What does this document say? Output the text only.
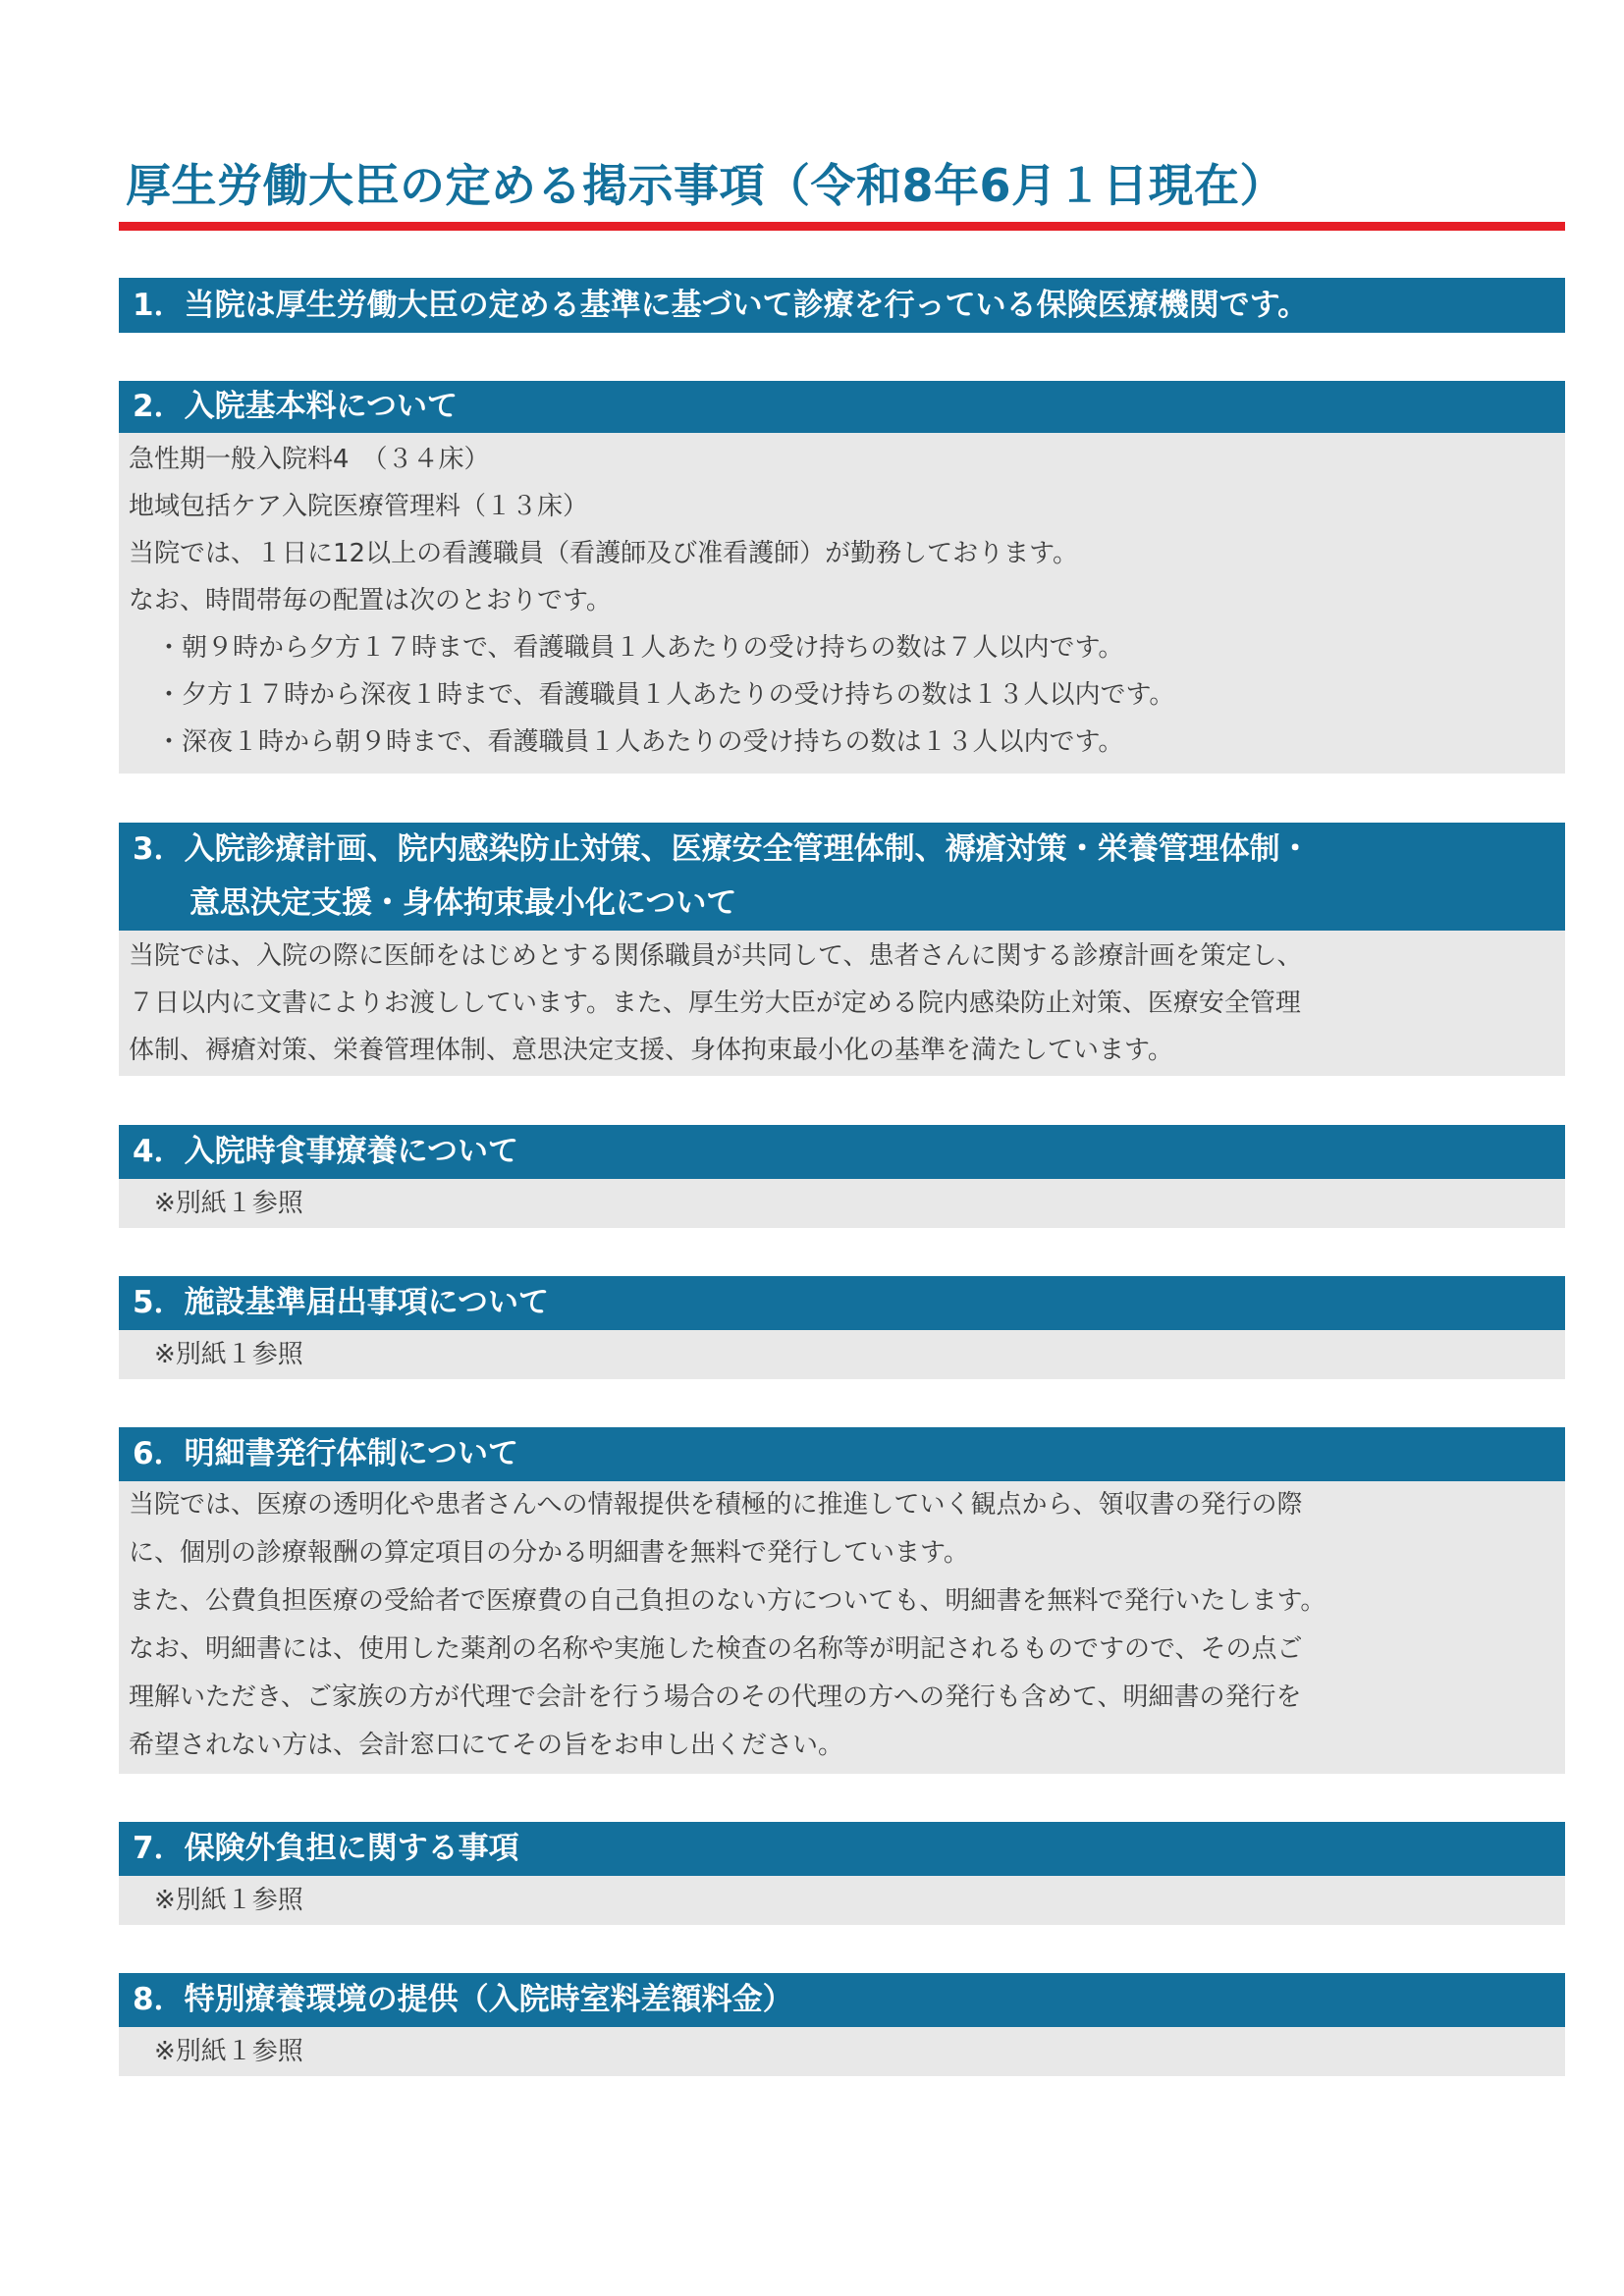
厚生労働大臣の定める掲示事項（令和8年6月１日現在）
1．当院は厚生労働大臣の定める基準に基づいて診療を行っている保険医療機関です。
2．入院基本料について
急性期一般入院料4　（３４床）
地域包括ケア入院医療管理料（１３床）
当院では、１日に12以上の看護職員（看護師及び准看護師）が勤務しております。
なお、時間帯毎の配置は次のとおりです。
・朝９時から夕方１７時まで、看護職員１人あたりの受け持ちの数は７人以内です。
・夕方１７時から深夜１時まで、看護職員１人あたりの受け持ちの数は１３人以内です。
・深夜１時から朝９時まで、看護職員１人あたりの受け持ちの数は１３人以内です。
3．入院診療計画、院内感染防止対策、医療安全管理体制、褥瘡対策・栄養管理体制・
意思決定支援・身体拘束最小化について
当院では、入院の際に医師をはじめとする関係職員が共同して、患者さんに関する診療計画を策定し、
７日以内に文書によりお渡ししています。また、厚生労大臣が定める院内感染防止対策、医療安全管理
体制、褥瘡対策、栄養管理体制、意思決定支援、身体拘束最小化の基準を満たしています。
4．入院時食事療養について
※別紙１参照
5．施設基準届出事項について
※別紙１参照
6．明細書発行体制について
当院では、医療の透明化や患者さんへの情報提供を積極的に推進していく観点から、領収書の発行の際
に、個別の診療報酬の算定項目の分かる明細書を無料で発行しています。
また、公費負担医療の受給者で医療費の自己負担のない方についても、明細書を無料で発行いたします。
なお、明細書には、使用した薬剤の名称や実施した検査の名称等が明記されるものですので、その点ご
理解いただき、ご家族の方が代理で会計を行う場合のその代理の方への発行も含めて、明細書の発行を
希望されない方は、会計窓口にてその旨をお申し出ください。
7．保険外負担に関する事項
※別紙１参照
8．特別療養環境の提供（入院時室料差額料金）
※別紙１参照
